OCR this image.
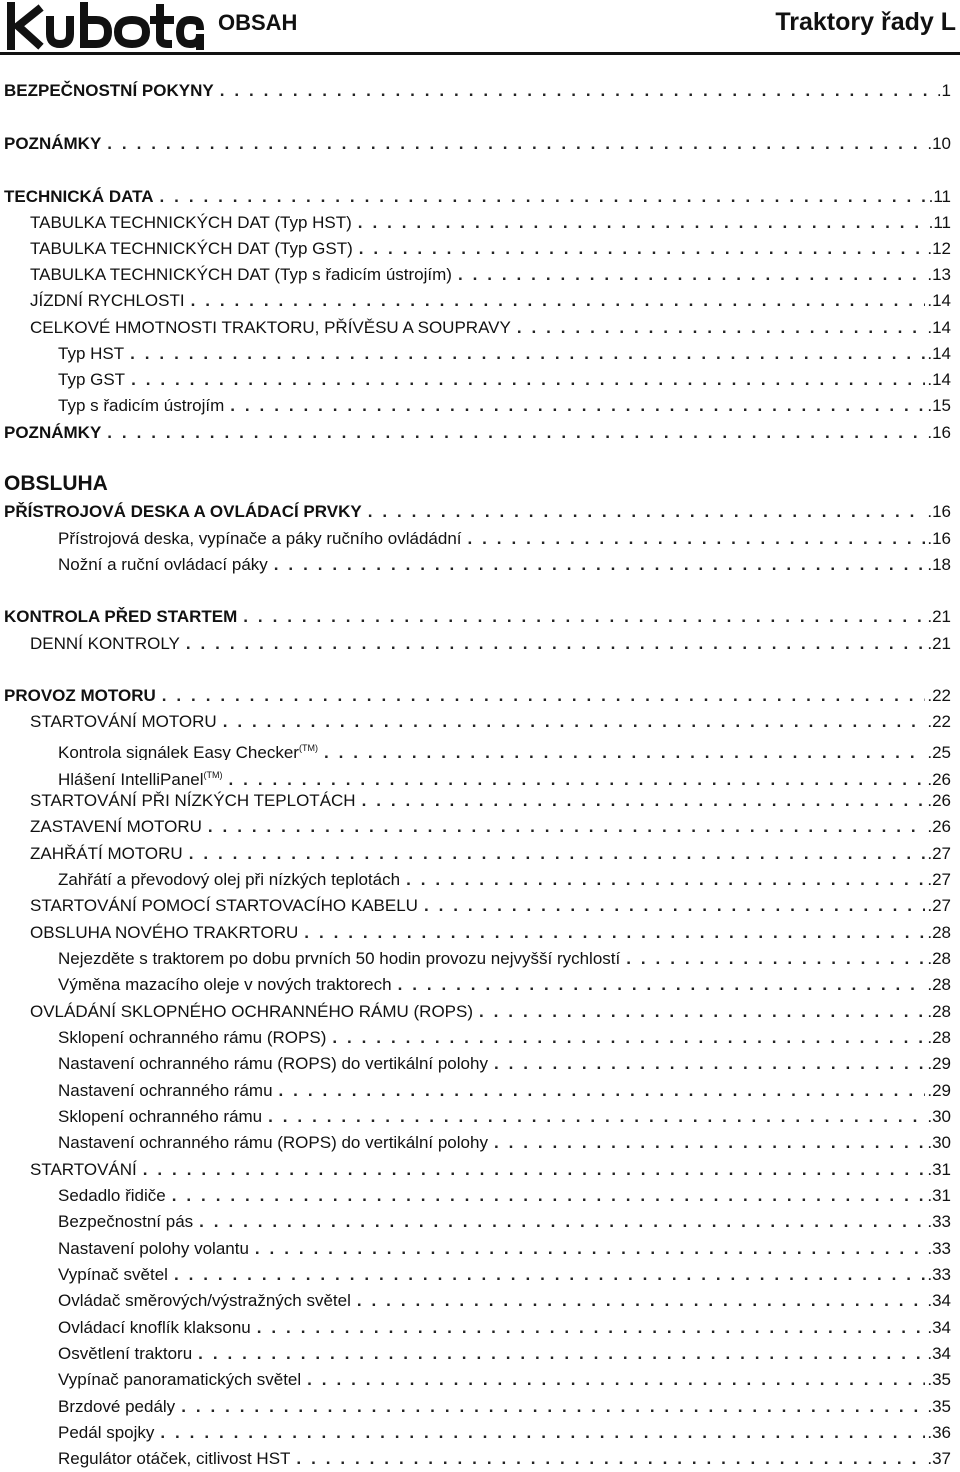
OBSAH	Traktory řady L
BEZPEČNOSTNÍ POKYNY . . .	.1
POZNÁMKY . . .	.10
TECHNICKÁ DATA . . .	.11
TABULKA TECHNICKÝCH DAT (Typ HST) . . .	.11
TABULKA TECHNICKÝCH DAT (Typ GST) . . .	.12
TABULKA TECHNICKÝCH DAT (Typ s řadicím ústrojím) . . .	.13
JÍZDNÍ RYCHLOSTI . . .	.14
CELKOVÉ HMOTNOSTI TRAKTORU, PŘÍVĚSU A SOUPRAVY . . .	.14
Typ HST . . .	.14
Typ GST . . .	.14
Typ s řadicím ústrojím . . .	.15
POZNÁMKY . . .	.16
OBSLUHA
PŘÍSTROJOVÁ DESKA A OVLÁDACÍ PRVKY . . .	.16
Přístrojová deska, vypínače a páky ručního ovládádní . . .	.16
Nožní a ruční ovládací páky . . .	.18
KONTROLA PŘED STARTEM . . .	.21
DENNÍ KONTROLY . . .	.21
PROVOZ MOTORU . . .	.22
STARTOVÁNÍ MOTORU . . .	.22
Kontrola signálek Easy Checker$^{(TM)}$ . . .	.25
Hlášení IntelliPanel$^{(TM)}$ . . .	.26
STARTOVÁNÍ PŘI NÍZKÝCH TEPLOTÁCH . . .	.26
ZASTAVENÍ MOTORU . . .	.26
ZAHŘÁTÍ MOTORU . . .	.27
Zahřátí a převodový olej při nízkých teplotách . . .	.27
STARTOVÁNÍ POMOCÍ STARTOVACÍHO KABELU . . .	.27
OBSLUHA NOVÉHO TRAKRTORU . . .	.28
Nejezděte s traktorem po dobu prvních 50 hodin provozu nejvyšší rychlostí . . .	.28
Výměna mazacího oleje v nových traktorech . . .	.28
OVLÁDÁNÍ SKLOPNÉHO OCHRANNÉHO RÁMU (ROPS) . . .	.28
Sklopení ochranného rámu (ROPS) . . .	.28
Nastavení ochranného rámu (ROPS) do vertikální polohy . . .	.29
Nastavení ochranného rámu . . .	.29
Sklopení ochranného rámu . . .	.30
Nastavení ochranného rámu (ROPS) do vertikální polohy . . .	.30
STARTOVÁNÍ . . .	.31
Sedadlo řidiče . . .	.31
Bezpečnostní pás . . .	.33
Nastavení polohy volantu . . .	.33
Vypínač světel . . .	.33
Ovládač směrových/výstražných světel . . .	.34
Ovládací knoflík klaksonu . . .	.34
Osvětlení traktoru . . .	.34
Vypínač panoramatických světel . . .	.35
Brzdové pedály . . .	.35
Pedál spojky . . .	.36
Regulátor otáček, citlivost HST . . .	.37
